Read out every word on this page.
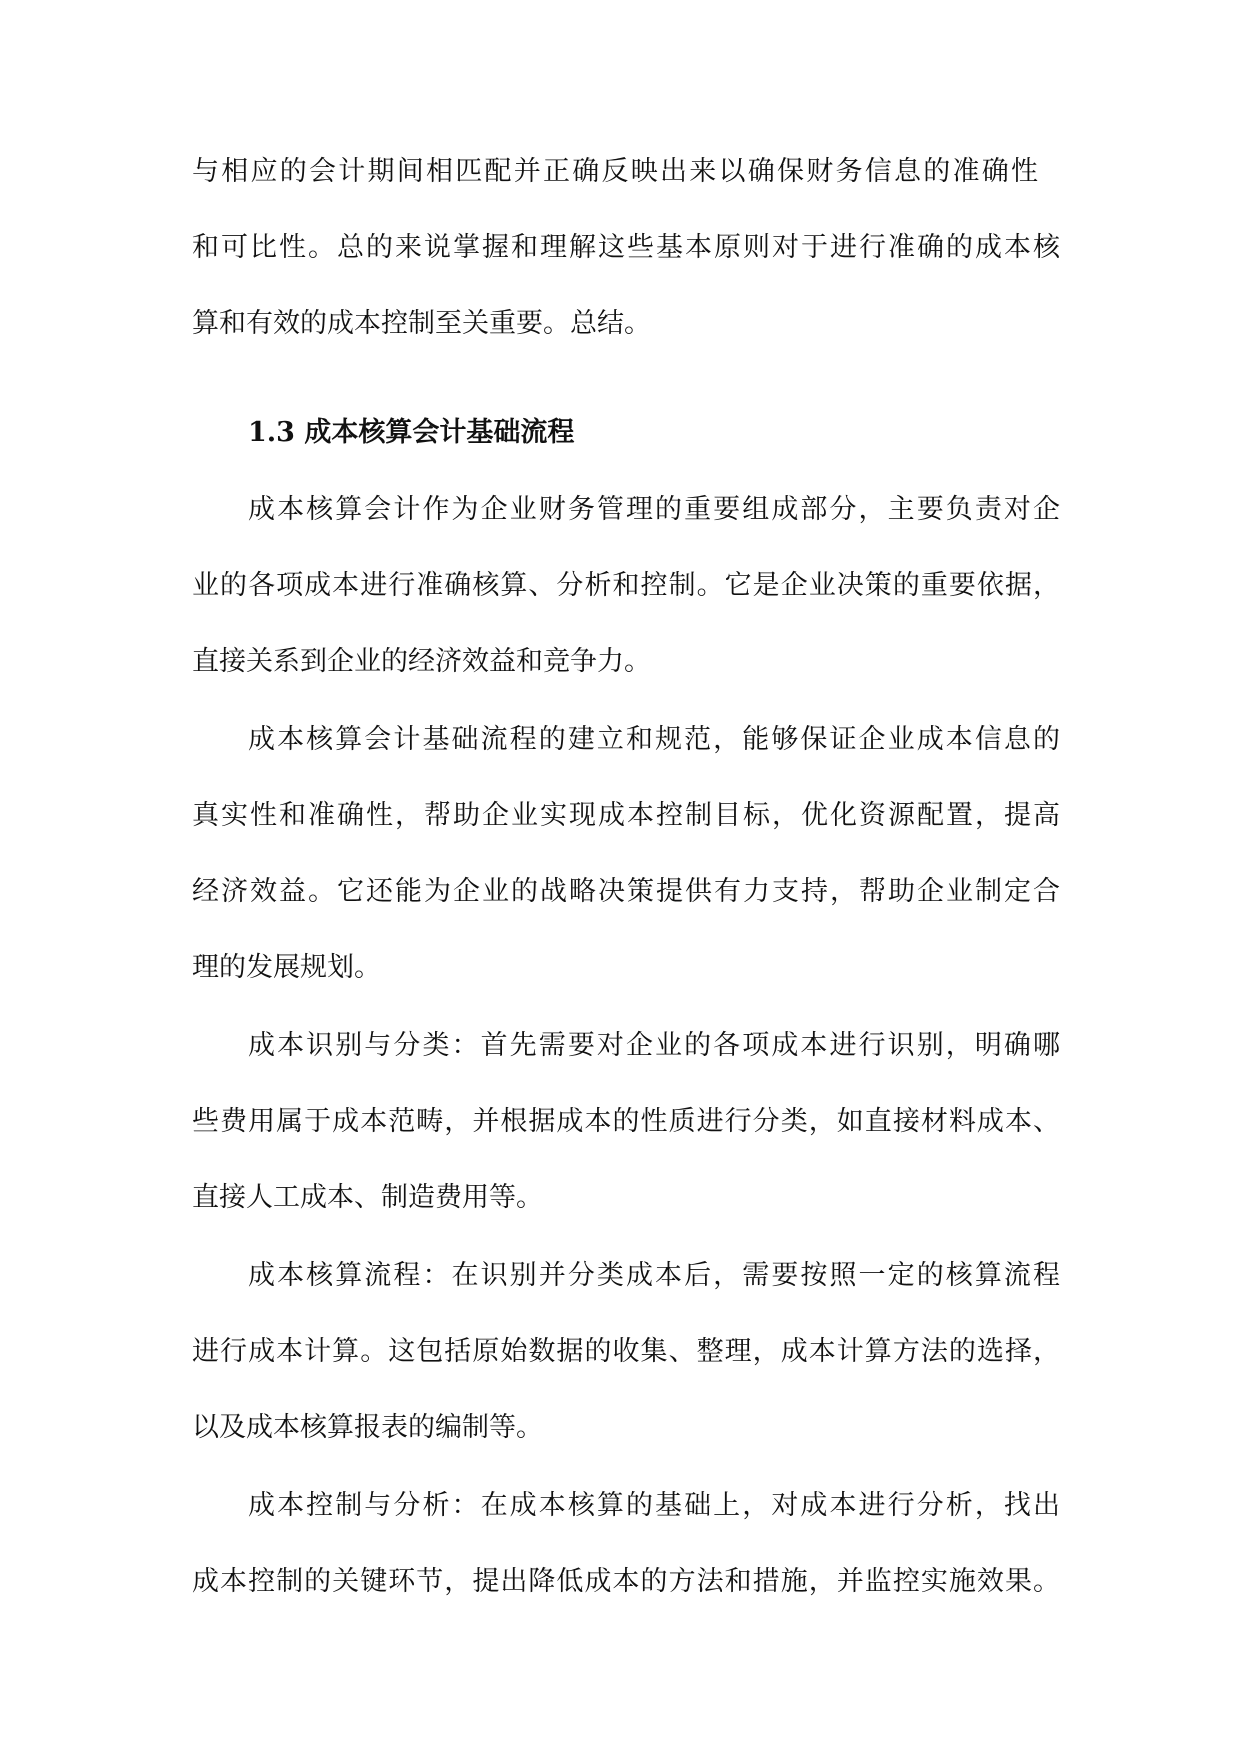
与相应的会计期间相匹配并正确反映出来以确保财务信息的准确性
和可比性。总的来说掌握和理解这些基本原则对于进行准确的成本核
算和有效的成本控制至关重要。总结。
1.3 成本核算会计基础流程
成本核算会计作为企业财务管理的重要组成部分，主要负责对企
业的各项成本进行准确核算、分析和控制。它是企业决策的重要依据，
直接关系到企业的经济效益和竞争力。
成本核算会计基础流程的建立和规范，能够保证企业成本信息的
真实性和准确性，帮助企业实现成本控制目标，优化资源配置，提高
经济效益。它还能为企业的战略决策提供有力支持，帮助企业制定合
理的发展规划。
成本识别与分类：首先需要对企业的各项成本进行识别，明确哪
些费用属于成本范畴，并根据成本的性质进行分类，如直接材料成本、
直接人工成本、制造费用等。
成本核算流程：在识别并分类成本后，需要按照一定的核算流程
进行成本计算。这包括原始数据的收集、整理，成本计算方法的选择，
以及成本核算报表的编制等。
成本控制与分析：在成本核算的基础上，对成本进行分析，找出
成本控制的关键环节，提出降低成本的方法和措施，并监控实施效果。
